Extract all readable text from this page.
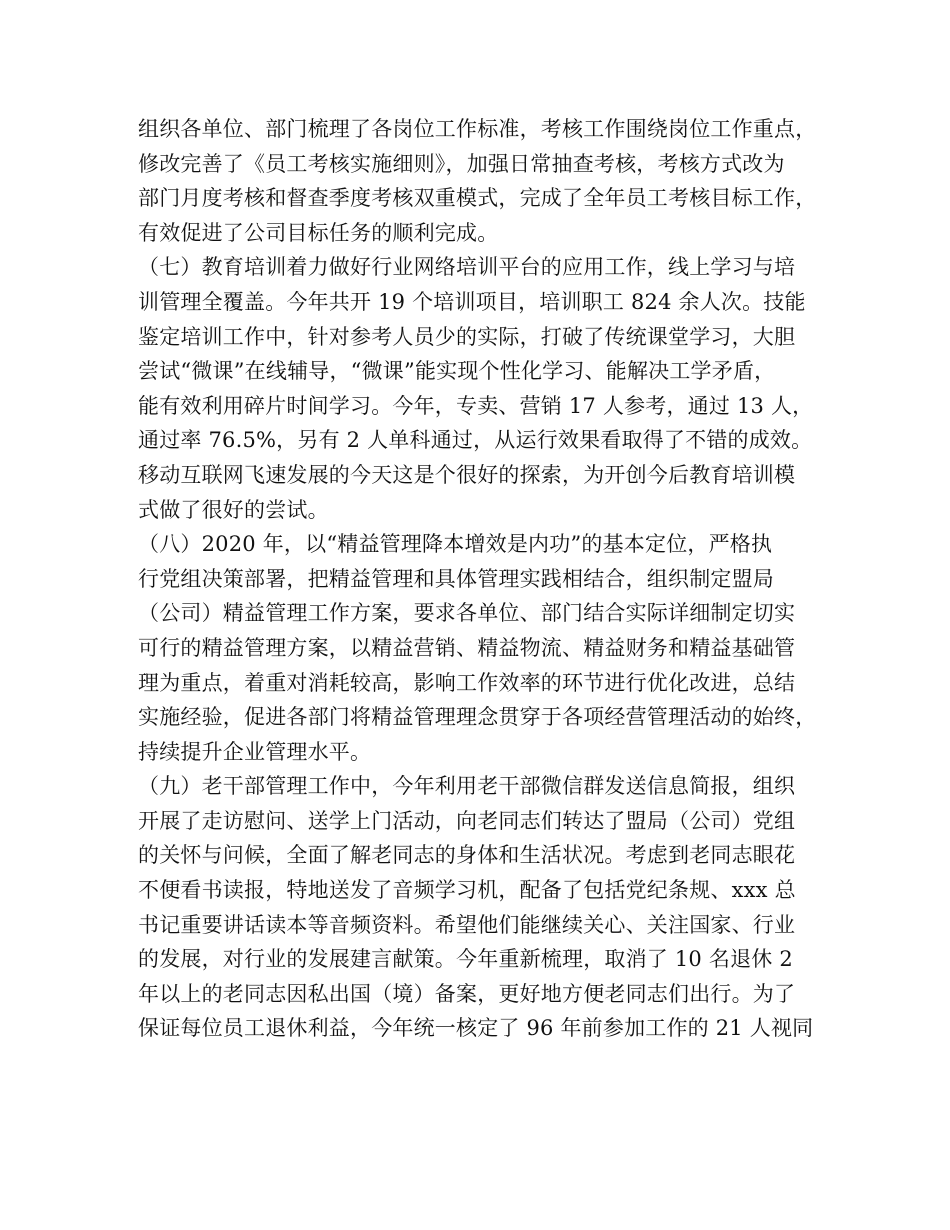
组织各单位、部门梳理了各岗位工作标准，考核工作围绕岗位工作重点，
修改完善了《员工考核实施细则》，加强日常抽查考核，考核方式改为
部门月度考核和督查季度考核双重模式，完成了全年员工考核目标工作，
有效促进了公司目标任务的顺利完成。
（七）教育培训着力做好行业网络培训平台的应用工作，线上学习与培
训管理全覆盖。今年共开 19 个培训项目，培训职工 824 余人次。技能
鉴定培训工作中，针对参考人员少的实际，打破了传统课堂学习，大胆
尝试“微课”在线辅导，“微课”能实现个性化学习、能解决工学矛盾，
能有效利用碎片时间学习。今年，专卖、营销 17 人参考，通过 13 人，
通过率 76.5%，另有 2 人单科通过，从运行效果看取得了不错的成效。
移动互联网飞速发展的今天这是个很好的探索，为开创今后教育培训模
式做了很好的尝试。
（八）2020 年，以“精益管理降本增效是内功”的基本定位，严格执
行党组决策部署，把精益管理和具体管理实践相结合，组织制定盟局
（公司）精益管理工作方案，要求各单位、部门结合实际详细制定切实
可行的精益管理方案，以精益营销、精益物流、精益财务和精益基础管
理为重点，着重对消耗较高，影响工作效率的环节进行优化改进，总结
实施经验，促进各部门将精益管理理念贯穿于各项经营管理活动的始终，
持续提升企业管理水平。
（九）老干部管理工作中，今年利用老干部微信群发送信息简报，组织
开展了走访慰问、送学上门活动，向老同志们转达了盟局（公司）党组
的关怀与问候，全面了解老同志的身体和生活状况。考虑到老同志眼花
不便看书读报，特地送发了音频学习机，配备了包括党纪条规、xxx 总
书记重要讲话读本等音频资料。希望他们能继续关心、关注国家、行业
的发展，对行业的发展建言献策。今年重新梳理，取消了 10 名退休 2
年以上的老同志因私出国（境）备案，更好地方便老同志们出行。为了
保证每位员工退休利益，今年统一核定了 96 年前参加工作的 21 人视同
